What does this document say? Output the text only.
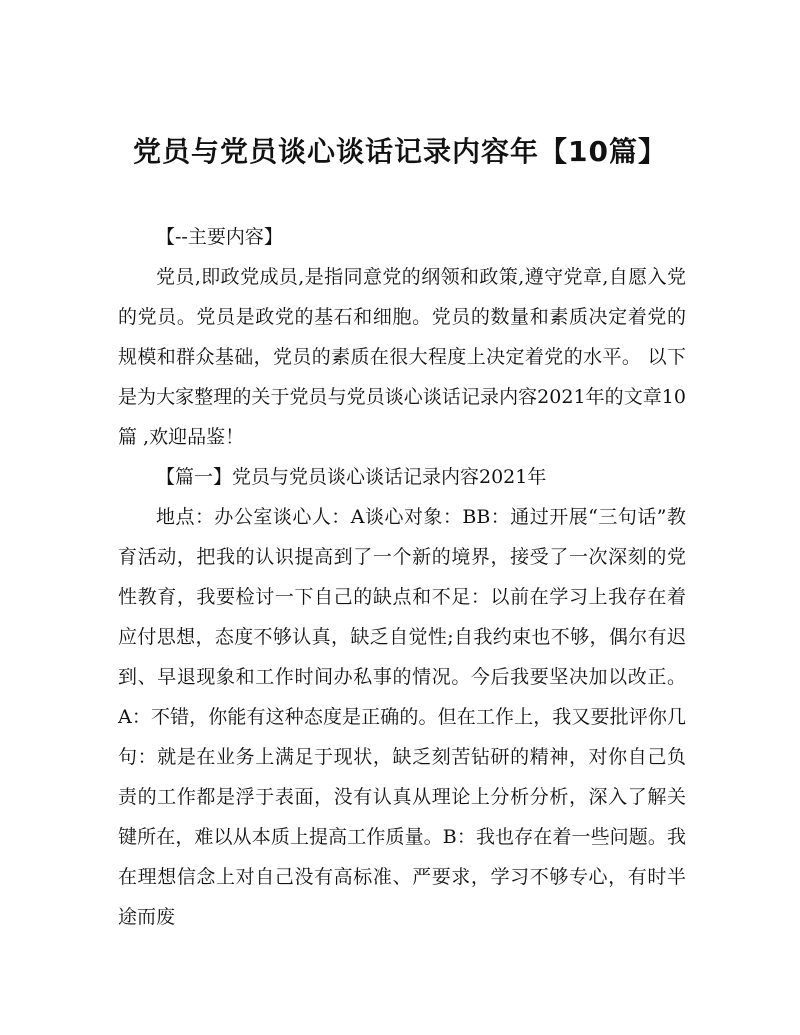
党员与党员谈心谈话记录内容年【10篇】

【--主要内容】

党员,即政党成员,是指同意党的纲领和政策,遵守党章,自愿入党的党员。党员是政党的基石和细胞。党员的数量和素质决定着党的规模和群众基础，党员的素质在很大程度上决定着党的水平。 以下是为大家整理的关于党员与党员谈心谈话记录内容2021年的文章10篇 ,欢迎品鉴！

【篇一】党员与党员谈心谈话记录内容2021年

地点：办公室谈心人：A谈心对象：BB：通过开展“三句话”教育活动，把我的认识提高到了一个新的境界，接受了一次深刻的党性教育，我要检讨一下自己的缺点和不足：以前在学习上我存在着应付思想，态度不够认真，缺乏自觉性;自我约束也不够，偶尔有迟到、早退现象和工作时间办私事的情况。今后我要坚决加以改正。A：不错，你能有这种态度是正确的。但在工作上，我又要批评你几句：就是在业务上满足于现状，缺乏刻苦钻研的精神，对你自己负责的工作都是浮于表面，没有认真从理论上分析分析，深入了解关键所在，难以从本质上提高工作质量。B：我也存在着一些问题。我在理想信念上对自己没有高标准、严要求，学习不够专心，有时半途而废
